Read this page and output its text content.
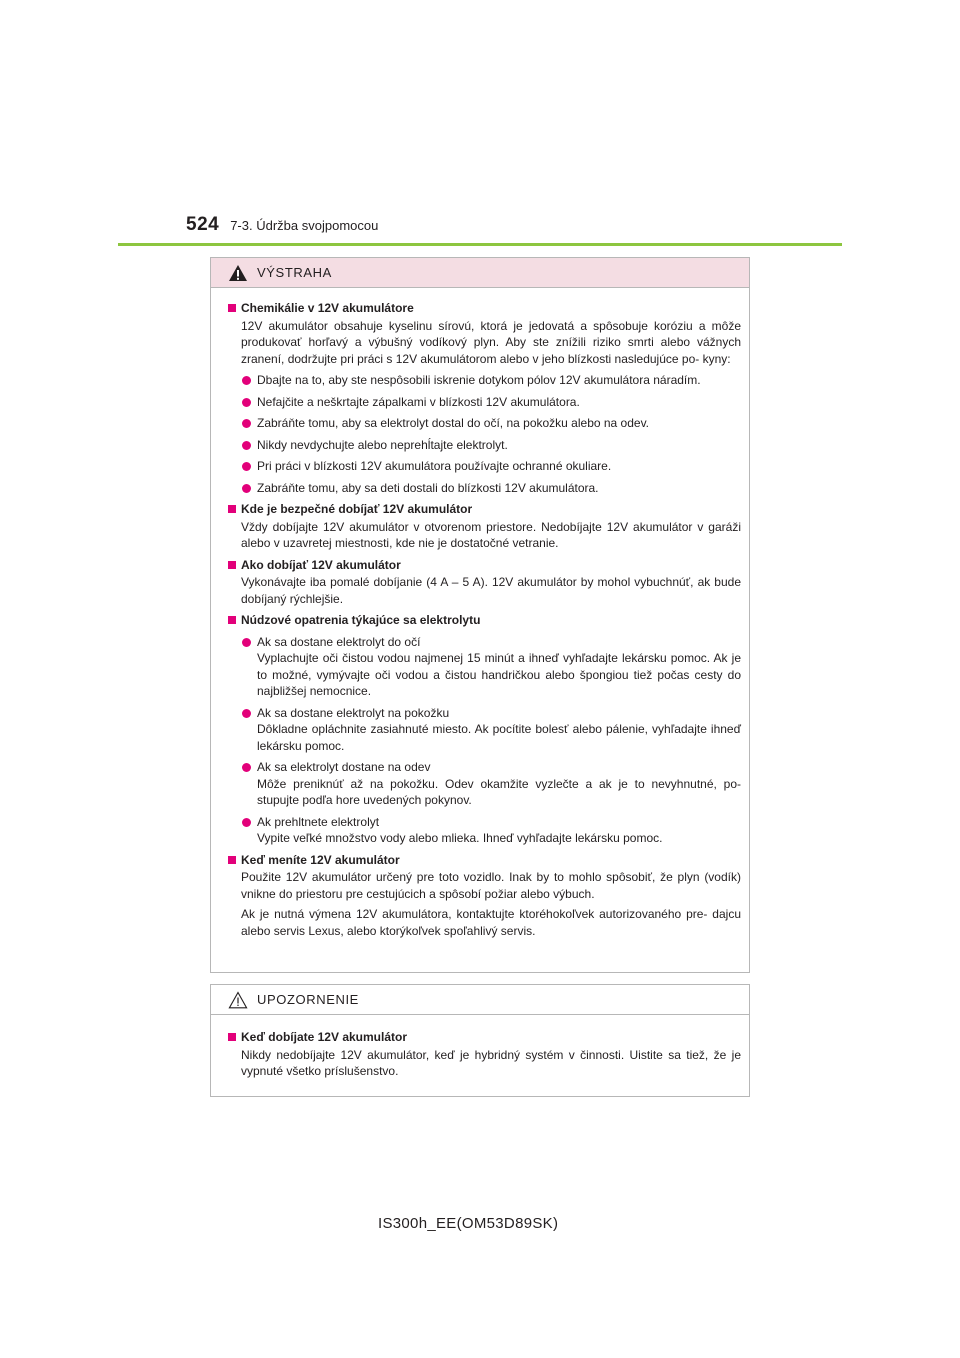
524 7-3. Údržba svojpomocou
VÝSTRAHA
Chemikálie v 12V akumulátore
12V akumulátor obsahuje kyselinu sírovú, ktorá je jedovatá a spôsobuje koróziu a môže produkovať horľavý a výbušný vodíkový plyn. Aby ste znížili riziko smrti alebo vážnych zranení, dodržujte pri práci s 12V akumulátorom alebo v jeho blízkosti nasledujúce po- kyny:
Dbajte na to, aby ste nespôsobili iskrenie dotykom pólov 12V akumulátora náradím.
Nefajčite a neškrtajte zápalkami v blízkosti 12V akumulátora.
Zabráňte tomu, aby sa elektrolyt dostal do očí, na pokožku alebo na odev.
Nikdy nevdychujte alebo neprehĺtajte elektrolyt.
Pri práci v blízkosti 12V akumulátora používajte ochranné okuliare.
Zabráňte tomu, aby sa deti dostali do blízkosti 12V akumulátora.
Kde je bezpečné dobíjať 12V akumulátor
Vždy dobíjajte 12V akumulátor v otvorenom priestore. Nedobíjajte 12V akumulátor v garáži alebo v uzavretej miestnosti, kde nie je dostatočné vetranie.
Ako dobíjať 12V akumulátor
Vykonávajte iba pomalé dobíjanie (4 A – 5 A). 12V akumulátor by mohol vybuchnúť, ak bude dobíjaný rýchlejšie.
Núdzové opatrenia týkajúce sa elektrolytu
Ak sa dostane elektrolyt do očí
Vyplachujte oči čistou vodou najmenej 15 minút a ihneď vyhľadajte lekársku pomoc. Ak je to možné, vymývajte oči vodou a čistou handričkou alebo špongiou tiež počas cesty do najbližšej nemocnice.
Ak sa dostane elektrolyt na pokožku
Dôkladne opláchnite zasiahnuté miesto. Ak pocítite bolesť alebo pálenie, vyhľadajte ihneď lekársku pomoc.
Ak sa elektrolyt dostane na odev
Môže preniknúť až na pokožku. Odev okamžite vyzlečte a ak je to nevyhnutné, po- stupujte podľa hore uvedených pokynov.
Ak prehltnete elektrolyt
Vypite veľké množstvo vody alebo mlieka. Ihneď vyhľadajte lekársku pomoc.
Keď meníte 12V akumulátor
Použite 12V akumulátor určený pre toto vozidlo. Inak by to mohlo spôsobiť, že plyn (vodík) vnikne do priestoru pre cestujúcich a spôsobí požiar alebo výbuch.
Ak je nutná výmena 12V akumulátora, kontaktujte ktoréhokoľvek autorizovaného pre- dajcu alebo servis Lexus, alebo ktorýkoľvek spoľahlivý servis.
UPOZORNENIE
Keď dobíjate 12V akumulátor
Nikdy nedobíjajte 12V akumulátor, keď je hybridný systém v činnosti. Uistite sa tiež, že je vypnuté všetko príslušenstvo.
IS300h_EE(OM53D89SK)
